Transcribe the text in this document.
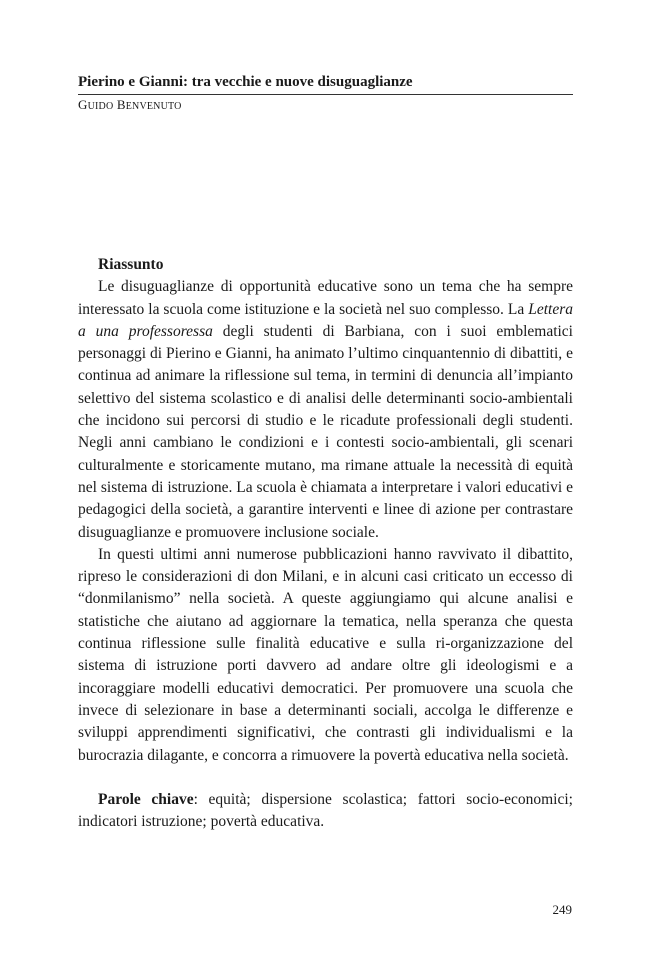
Pierino e Gianni: tra vecchie e nuove disuguaglianze
GUIDO BENVENUTO

Riassunto

Le disuguaglianze di opportunità educative sono un tema che ha sempre interessato la scuola come istituzione e la società nel suo complesso. La Lettera a una professoressa degli studenti di Barbiana, con i suoi emblematici personaggi di Pierino e Gianni, ha animato l’ultimo cinquantennio di dibattiti, e continua ad animare la riflessione sul tema, in termini di denuncia all’impianto selettivo del sistema scolastico e di analisi delle determinanti socio-ambientali che incidono sui percorsi di studio e le ricadute professionali degli studenti. Negli anni cambiano le condizioni e i contesti socio-ambientali, gli scenari culturalmente e storicamente mutano, ma rimane attuale la necessità di equità nel sistema di istruzione. La scuola è chiamata a interpretare i valori educativi e pedagogici della società, a garantire interventi e linee di azione per contrastare disuguaglianze e promuovere inclusione sociale.

In questi ultimi anni numerose pubblicazioni hanno ravvivato il dibattito, ripreso le considerazioni di don Milani, e in alcuni casi criticato un eccesso di “donmilanismo” nella società. A queste aggiungiamo qui alcune analisi e statistiche che aiutano ad aggiornare la tematica, nella speranza che questa continua riflessione sulle finalità educative e sulla ri-organizzazione del sistema di istruzione porti davvero ad andare oltre gli ideologismi e a incoraggiare modelli educativi democratici. Per promuovere una scuola che invece di selezionare in base a determinanti sociali, accolga le differenze e sviluppi apprendimenti significativi, che contrasti gli individualismi e la burocrazia dilagante, e concorra a rimuovere la povertà educativa nella società.

Parole chiave: equità; dispersione scolastica; fattori socio-economici; indicatori istruzione; povertà educativa.

249
